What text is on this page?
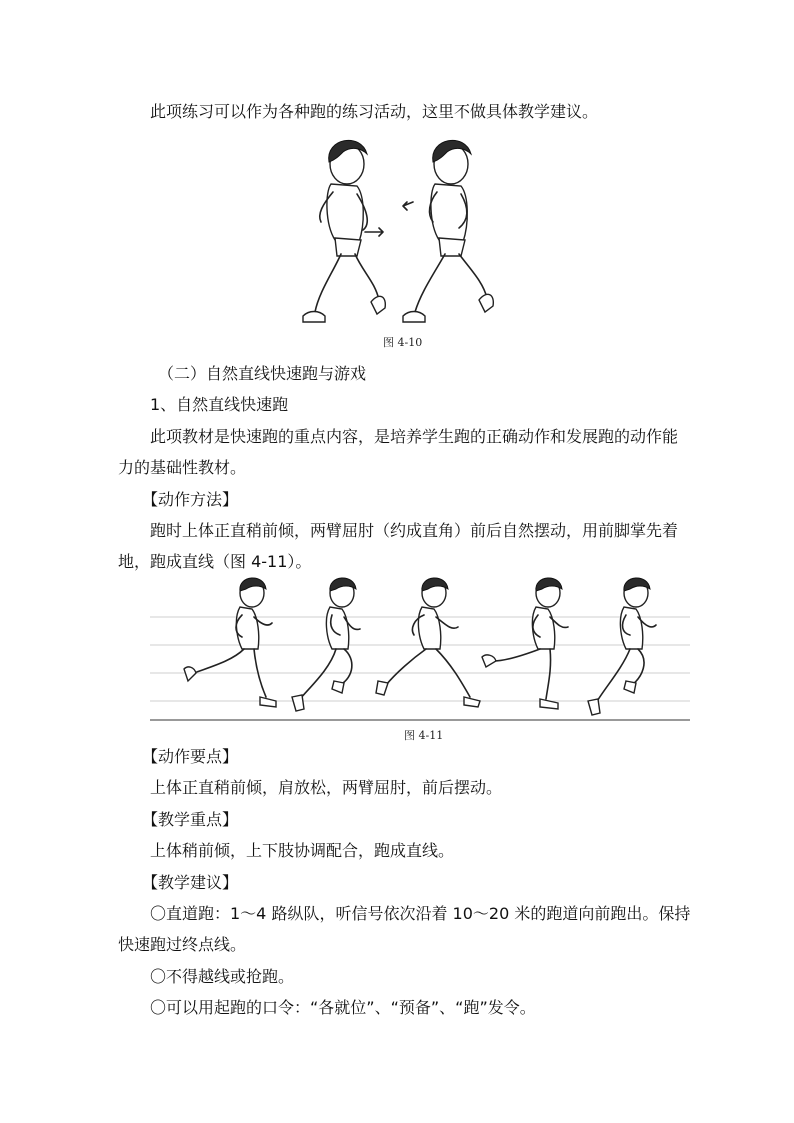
此项练习可以作为各种跑的练习活动，这里不做具体教学建议。
图 4-10
（二）自然直线快速跑与游戏
1、自然直线快速跑
此项教材是快速跑的重点内容，是培养学生跑的正确动作和发展跑的动作能
力的基础性教材。
【动作方法】
跑时上体正直稍前倾，两臂屈肘（约成直角）前后自然摆动，用前脚掌先着
地，跑成直线（图 4-11）。
图 4-11
【动作要点】
上体正直稍前倾，肩放松，两臂屈肘，前后摆动。
【教学重点】
上体稍前倾，上下肢协调配合，跑成直线。
【教学建议】
〇直道跑：1～4 路纵队，听信号依次沿着 10～20 米的跑道向前跑出。保持
快速跑过终点线。
〇不得越线或抢跑。
〇可以用起跑的口令：“各就位”、“预备”、“跑”发令。
